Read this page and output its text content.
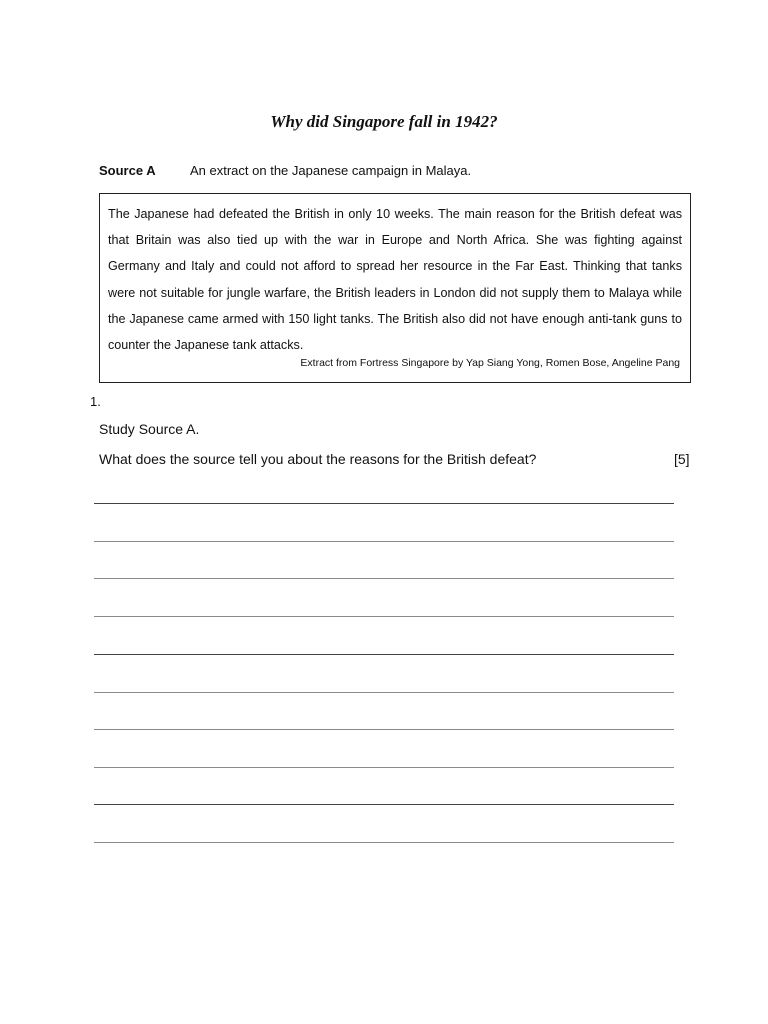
Why did Singapore fall in 1942?
Source A	An extract on the Japanese campaign in Malaya.

The Japanese had defeated the British in only 10 weeks. The main reason for the British defeat was that Britain was also tied up with the war in Europe and North Africa. She was fighting against Germany and Italy and could not afford to spread her resource in the Far East. Thinking that tanks were not suitable for jungle warfare, the British leaders in London did not supply them to Malaya while the Japanese came armed with 150 light tanks. The British also did not have enough anti-tank guns to counter the Japanese tank attacks.

Extract from Fortress Singapore by Yap Siang Yong, Romen Bose, Angeline Pang
1.
Study Source A.
What does the source tell you about the reasons for the British defeat?	[5]
